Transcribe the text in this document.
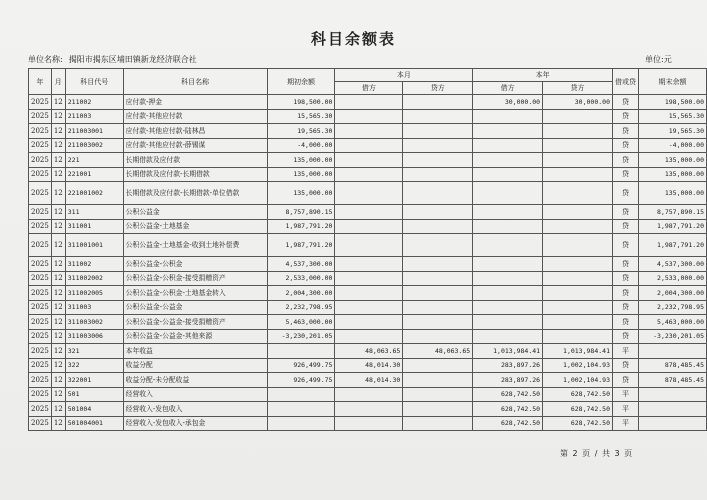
科目余额表
单位名称: 揭阳市揭东区埔田镇新龙经济联合社	单位:元
年	月	科目代号	科目名称	期初余额	本月		本年		借或贷	期末余额
					借方	贷方	借方	贷方		
2025	12	211002	应付款-押金	198,500.00			30,000.00	30,000.00	贷	198,500.00
2025	12	211003	应付款-其他应付款	15,565.30					贷	15,565.30
2025	12	211003001	应付款-其他应付款-陆林昌	19,565.30					贷	19,565.30
2025	12	211003002	应付款-其他应付款-薛锡谋	-4,000.00					贷	-4,000.00
2025	12	221	长期借款及应付款	135,000.00					贷	135,000.00
2025	12	221001	长期借款及应付款-长期借款	135,000.00					贷	135,000.00
2025	12	221001002	长期借款及应付款-长期借款-单位借款	135,000.00					贷	135,000.00
2025	12	311	公积公益金	8,757,890.15					贷	8,757,890.15
2025	12	311001	公积公益金-土地基金	1,987,791.20					贷	1,987,791.20
2025	12	311001001	公积公益金-土地基金-收到土地补偿费	1,987,791.20					贷	1,987,791.20
2025	12	311002	公积公益金-公积金	4,537,300.00					贷	4,537,300.00
2025	12	311002002	公积公益金-公积金-接受捐赠资产	2,533,000.00					贷	2,533,000.00
2025	12	311002005	公积公益金-公积金-土地基金转入	2,004,300.00					贷	2,004,300.00
2025	12	311003	公积公益金-公益金	2,232,798.95					贷	2,232,798.95
2025	12	311003002	公积公益金-公益金-接受捐赠资产	5,463,000.00					贷	5,463,000.00
2025	12	311003006	公积公益金-公益金-其他来源	-3,230,201.05					贷	-3,230,201.05
2025	12	321	本年收益		48,063.65	48,063.65	1,013,984.41	1,013,984.41	平	
2025	12	322	收益分配	926,499.75	48,014.30		283,897.26	1,002,104.93	贷	878,485.45
2025	12	322001	收益分配-未分配收益	926,499.75	48,014.30		283,897.26	1,002,104.93	贷	878,485.45
2025	12	501	经营收入				628,742.50	628,742.50	平	
2025	12	501004	经营收入-发包收入				628,742.50	628,742.50	平	
2025	12	501004001	经营收入-发包收入-承包金				628,742.50	628,742.50	平	
第 2 页 / 共 3 页
